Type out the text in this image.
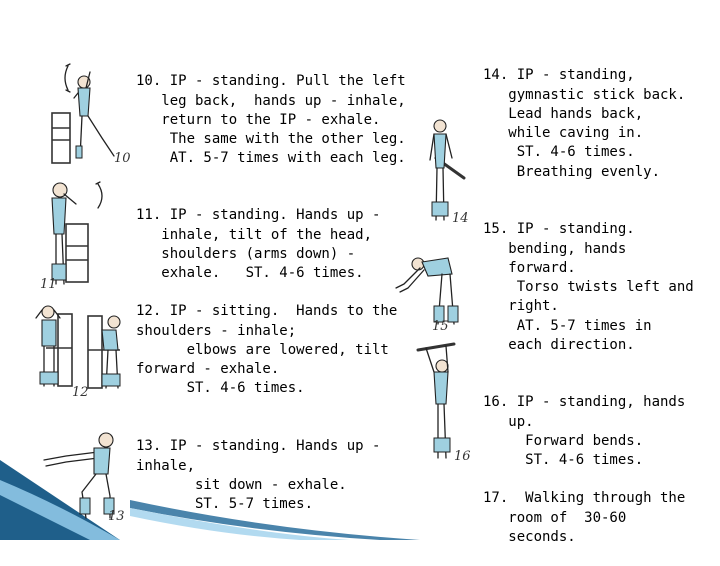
10
11
12
13
14
15
16

10. IP - standing. Pull the left
leg back,  hands up - inhale,
return to the IP - exhale.
The same with the other leg.
AT. 5-7 times with each leg.

11. IP - standing. Hands up -
inhale, tilt of the head,
shoulders (arms down) -
exhale.   ST. 4-6 times.

12. IP - sitting.  Hands to the
shoulders - inhale;
elbows are lowered, tilt
forward - exhale.
ST. 4-6 times.

13. IP - standing. Hands up -
inhale,
sit down - exhale.
ST. 5-7 times.

14. IP - standing,
gymnastic stick back.
Lead hands back,
while caving in.
ST. 4-6 times.
Breathing evenly.

15. IP - standing.
bending, hands
forward.
Torso twists left and
right.
AT. 5-7 times in
each direction.

16. IP - standing, hands
up.
Forward bends.
ST. 4-6 times.

17.  Walking through the
room of  30-60
seconds.
